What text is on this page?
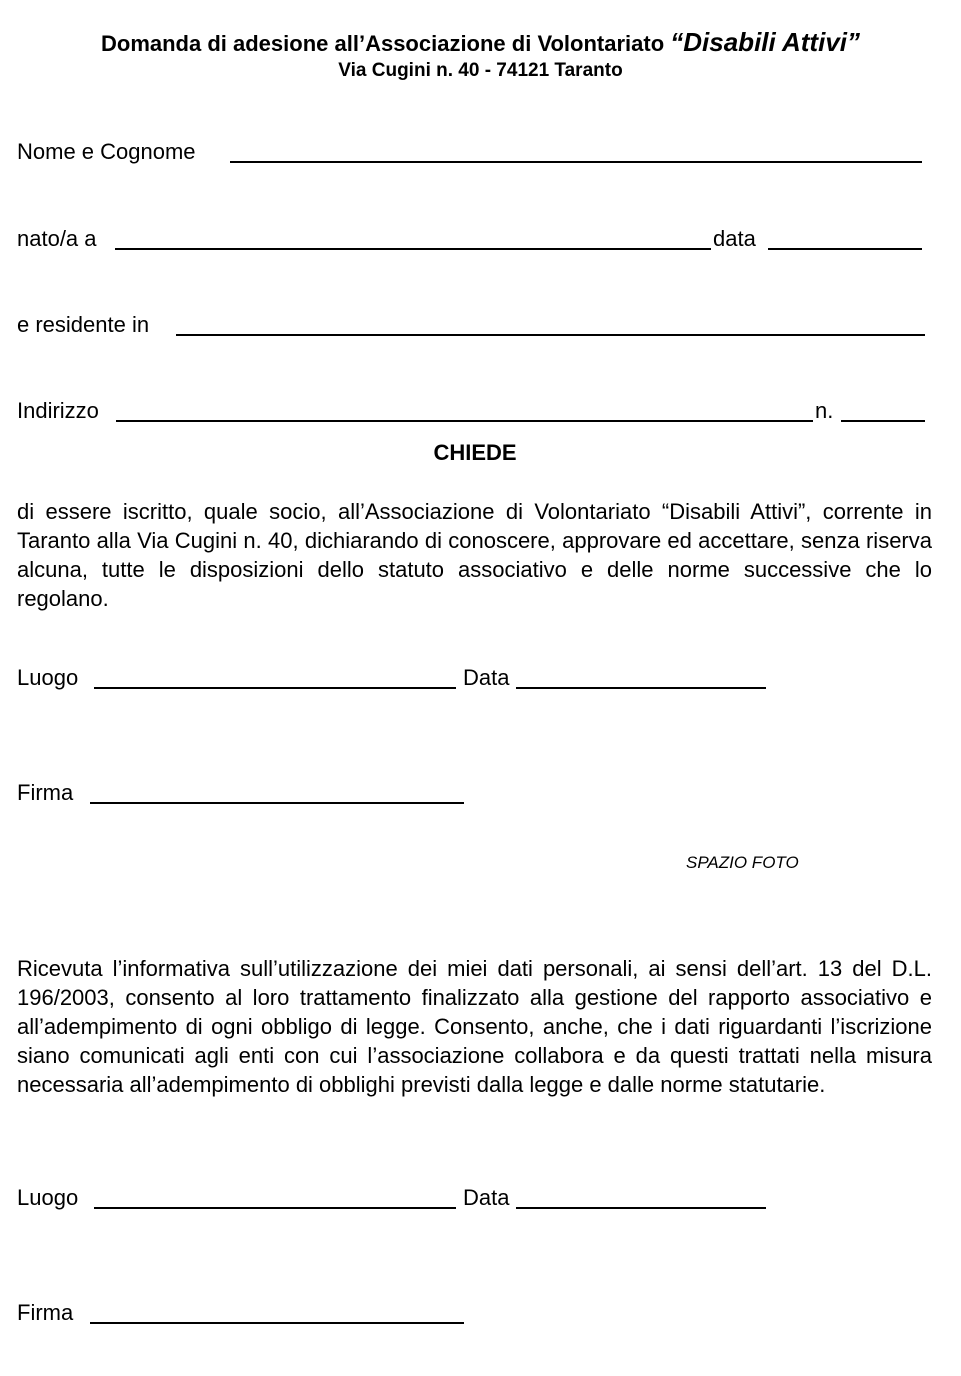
Domanda di adesione all’Associazione di Volontariato “Disabili Attivi”
Via Cugini n. 40 - 74121 Taranto
Nome e Cognome
nato/a a	data
e residente in
Indirizzo	n.
CHIEDE
di essere iscritto, quale socio, all’Associazione di Volontariato “Disabili Attivi”, corrente in Taranto alla Via Cugini n. 40, dichiarando di conoscere, approvare ed accettare, senza riserva alcuna, tutte le disposizioni dello statuto associativo e delle norme successive che lo regolano.
Luogo	Data
Firma
SPAZIO FOTO
Ricevuta l’informativa sull’utilizzazione dei miei dati personali, ai sensi dell’art. 13 del D.L. 196/2003, consento al loro trattamento finalizzato alla gestione del rapporto associativo e all’adempimento di ogni obbligo di legge. Consento, anche, che i dati riguardanti l’iscrizione siano comunicati agli enti con cui l’associazione collabora e da questi trattati nella misura necessaria all’adempimento di obblighi previsti dalla legge e dalle norme statutarie.
Luogo	Data
Firma
